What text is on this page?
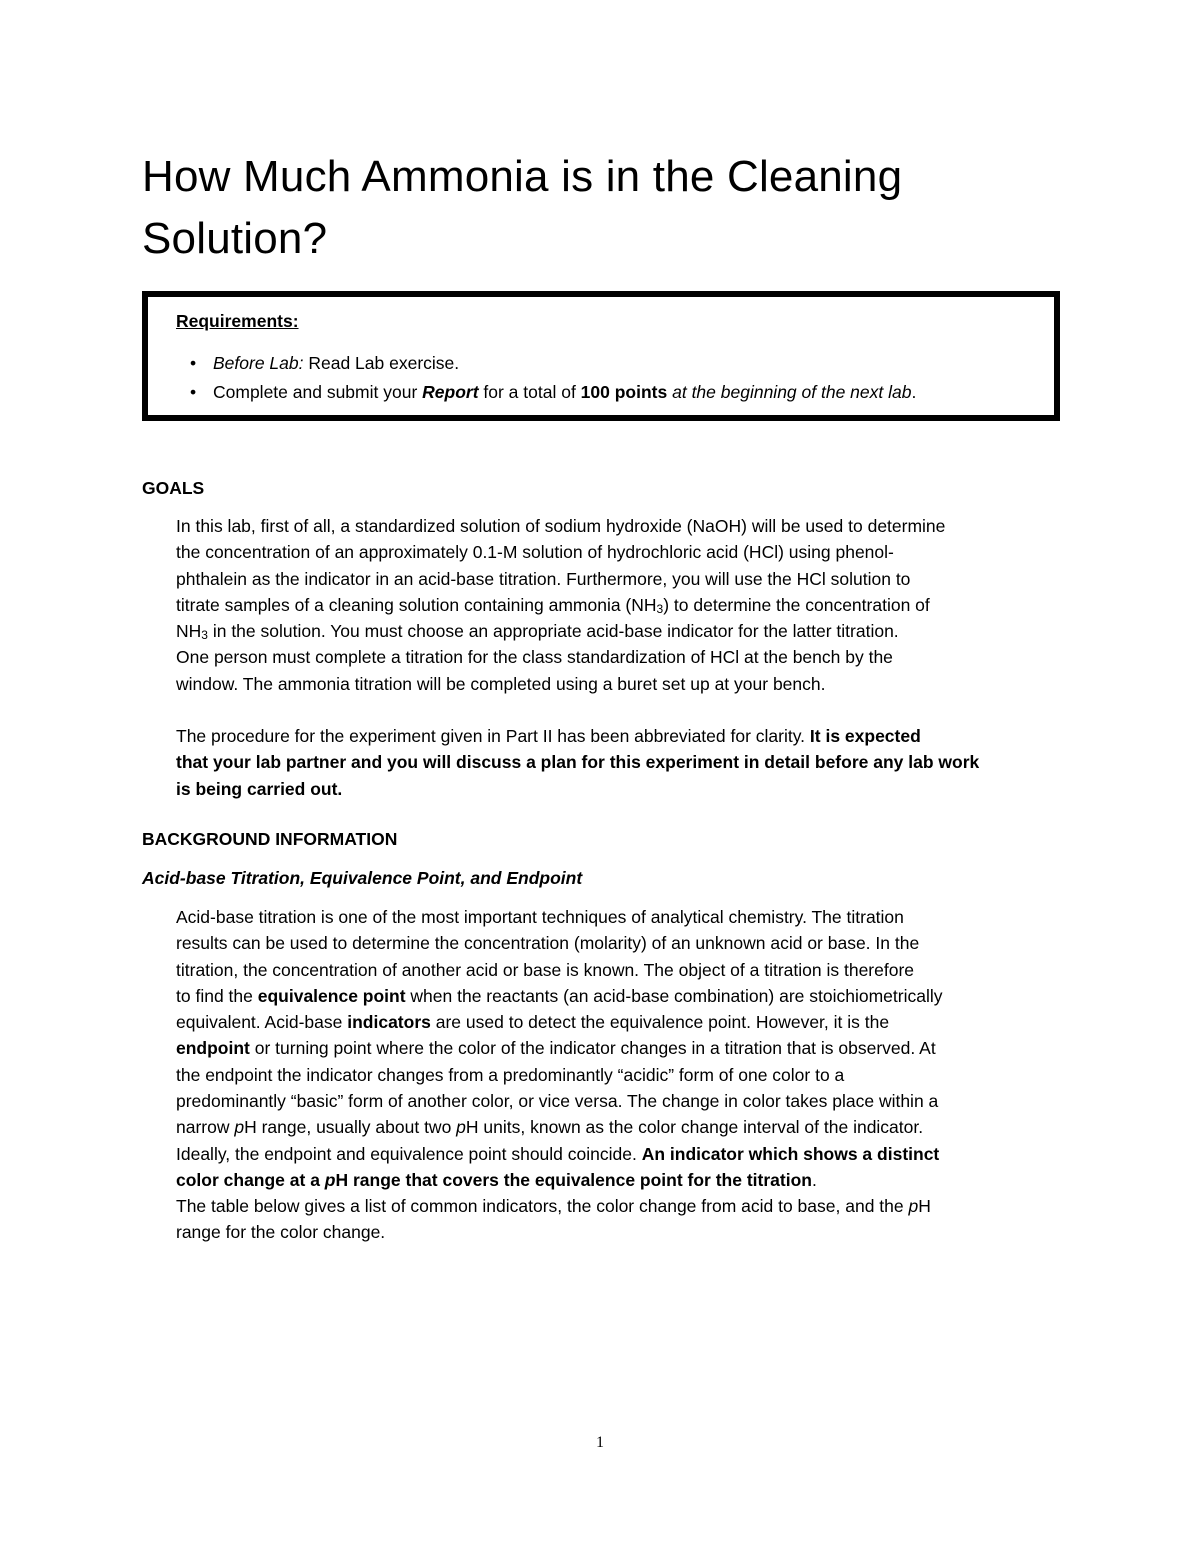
How Much Ammonia is in the Cleaning Solution?
Requirements:
• Before Lab: Read Lab exercise.
• Complete and submit your Report for a total of 100 points at the beginning of the next lab.
GOALS
In this lab, first of all, a standardized solution of sodium hydroxide (NaOH) will be used to determine
the concentration of an approximately 0.1-M solution of hydrochloric acid (HCl) using phenol-
phthalein as the indicator in an acid-base titration. Furthermore, you will use the HCl solution to
titrate samples of a cleaning solution containing ammonia $(NH_3)$ to determine the concentration of
$NH_3$ in the solution. You must choose an appropriate acid-base indicator for the latter titration.
One person must complete a titration for the class standardization of HCl at the bench by the
window. The ammonia titration will be completed using a buret set up at your bench.
The procedure for the experiment given in Part II has been abbreviated for clarity. It is expected
that your lab partner and you will discuss a plan for this experiment in detail before any lab work
is being carried out.
BACKGROUND INFORMATION
Acid-base Titration, Equivalence Point, and Endpoint
Acid-base titration is one of the most important techniques of analytical chemistry. The titration
results can be used to determine the concentration (molarity) of an unknown acid or base. In the
titration, the concentration of another acid or base is known. The object of a titration is therefore
to find the equivalence point when the reactants (an acid-base combination) are stoichiometrically
equivalent. Acid-base indicators are used to detect the equivalence point. However, it is the
endpoint or turning point where the color of the indicator changes in a titration that is observed. At
the endpoint the indicator changes from a predominantly “acidic” form of one color to a
predominantly “basic” form of another color, or vice versa. The change in color takes place within a
narrow pH range, usually about two pH units, known as the color change interval of the indicator.
Ideally, the endpoint and equivalence point should coincide. An indicator which shows a distinct
color change at a pH range that covers the equivalence point for the titration.
The table below gives a list of common indicators, the color change from acid to base, and the pH
range for the color change.
1
